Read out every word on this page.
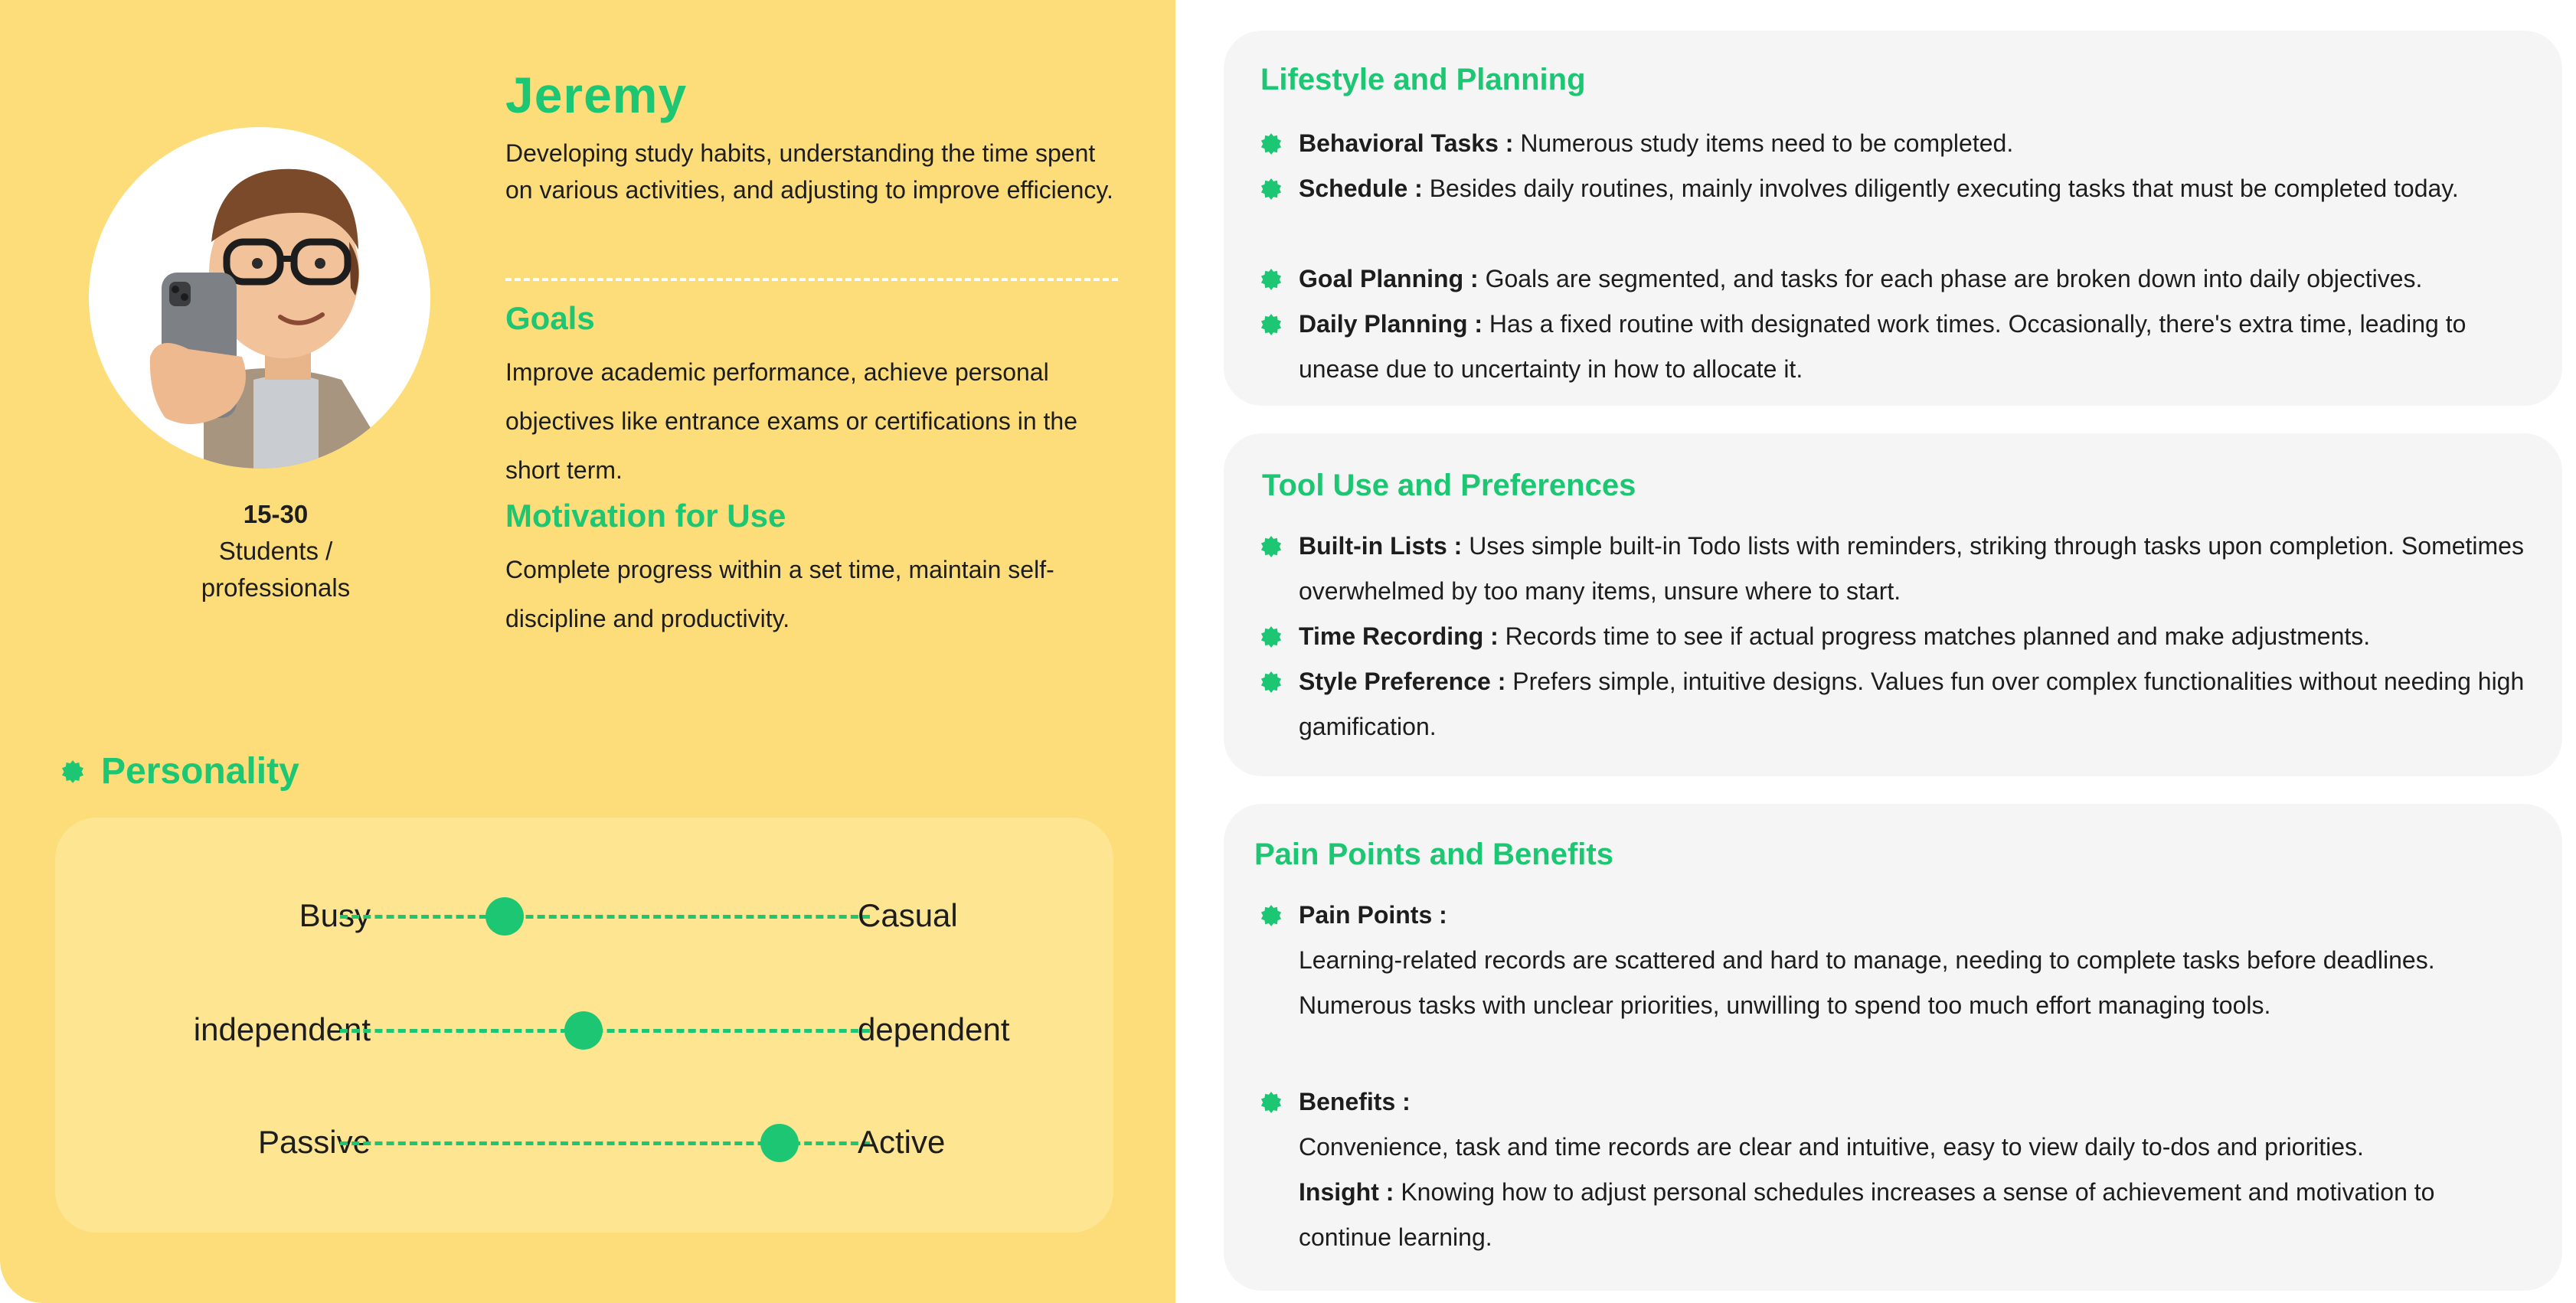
15-30
Students /
professionals
Jeremy
Developing study habits, understanding the time spent on various activities, and adjusting to improve efficiency.
Goals
Improve academic performance, achieve personal objectives like entrance exams or certifications in the short term.
Motivation for Use
Complete progress within a set time, maintain self-discipline and productivity.
Personality
Busy	Casual
independent	dependent
Passive	Active
Lifestyle and Planning
Behavioral Tasks : Numerous study items need to be completed.
Schedule : Besides daily routines, mainly involves diligently executing tasks that must be completed today.
Goal Planning : Goals are segmented, and tasks for each phase are broken down into daily objectives.
Daily Planning : Has a fixed routine with designated work times. Occasionally, there's extra time, leading to unease due to uncertainty in how to allocate it.
Tool Use and Preferences
Built-in Lists : Uses simple built-in Todo lists with reminders, striking through tasks upon completion. Sometimes overwhelmed by too many items, unsure where to start.
Time Recording : Records time to see if actual progress matches planned and make adjustments.
Style Preference : Prefers simple, intuitive designs. Values fun over complex functionalities without needing high gamification.
Pain Points and Benefits
Pain Points :
Learning-related records are scattered and hard to manage, needing to complete tasks before deadlines.
Numerous tasks with unclear priorities, unwilling to spend too much effort managing tools.
Benefits :
Convenience, task and time records are clear and intuitive, easy to view daily to-dos and priorities.
Insight : Knowing how to adjust personal schedules increases a sense of achievement and motivation to continue learning.
